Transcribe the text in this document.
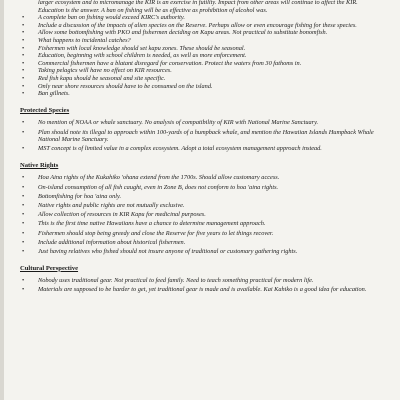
larger ecosystem and to micromanage the KIR is an exercise in futility. Impact from other areas will continue to affect the KIR. Education is the answer. A ban on fishing will be as effective as prohibition of alcohol was.
• A complete ban on fishing would exceed KIRC's authority.
• Include a discussion of the impacts of alien species on the Reserve. Perhaps allow or even encourage fishing for these species.
• Allow some bottomfishing with PKO and fishermen deciding on Kapu areas. Not practical to substitute bonomfish.
• What happens to incidental catches?
• Fishermen with local knowledge should set kapu zones. These should be seasonal.
• Education, beginning with school children is needed, as well as more enforcement.
• Commercial fishermen have a blatant disregard for conservation. Protect the waters from 30 fathoms in.
• Taking pelagics will have no effect on KIR resources.
• Red fish kapu should be seasonal and site specific.
• Only near shore resources should have to be consumed on the island.
• Ban gillnets.
Protected Species
• No mention of NOAA or whale sanctuary. No analysis of compatibility of KIR with National Marine Sanctuary.
• Plan should note its illegal to approach within 100-yards of a humpback whale, and mention the Hawaiian Islands Humpback Whale National Marine Sanctuary.
• MST concept is of limited value in a complex ecosystem. Adopt a total ecosystem management approach instead.
Native Rights
• Hoa Aina rights of the Kukahiko 'ohana extend from the 1700s. Should allow customary access.
• On-island consumption of all fish caught, even in Zone B, does not conform to hoa 'aina rights.
• Bottomfishing for hoa 'aina only.
• Native rights and public rights are not mutually exclusive.
• Allow collection of resources in KIR Kapu for medicinal purposes.
• This is the first time native Hawaiians have a chance to determine management approach.
• Fishermen should stop being greedy and close the Reserve for five years to let things recover.
• Include additional information about historical fishermen.
• Just having relatives who fished should not insure anyone of traditional or customary gathering rights.
Cultural Perspective
• Nobody uses traditional gear. Not practical to feed family. Need to teach something practical for modern life.
• Materials are supposed to be harder to get, yet traditional gear is made and is available. Kai Kahiko is a good idea for education.
